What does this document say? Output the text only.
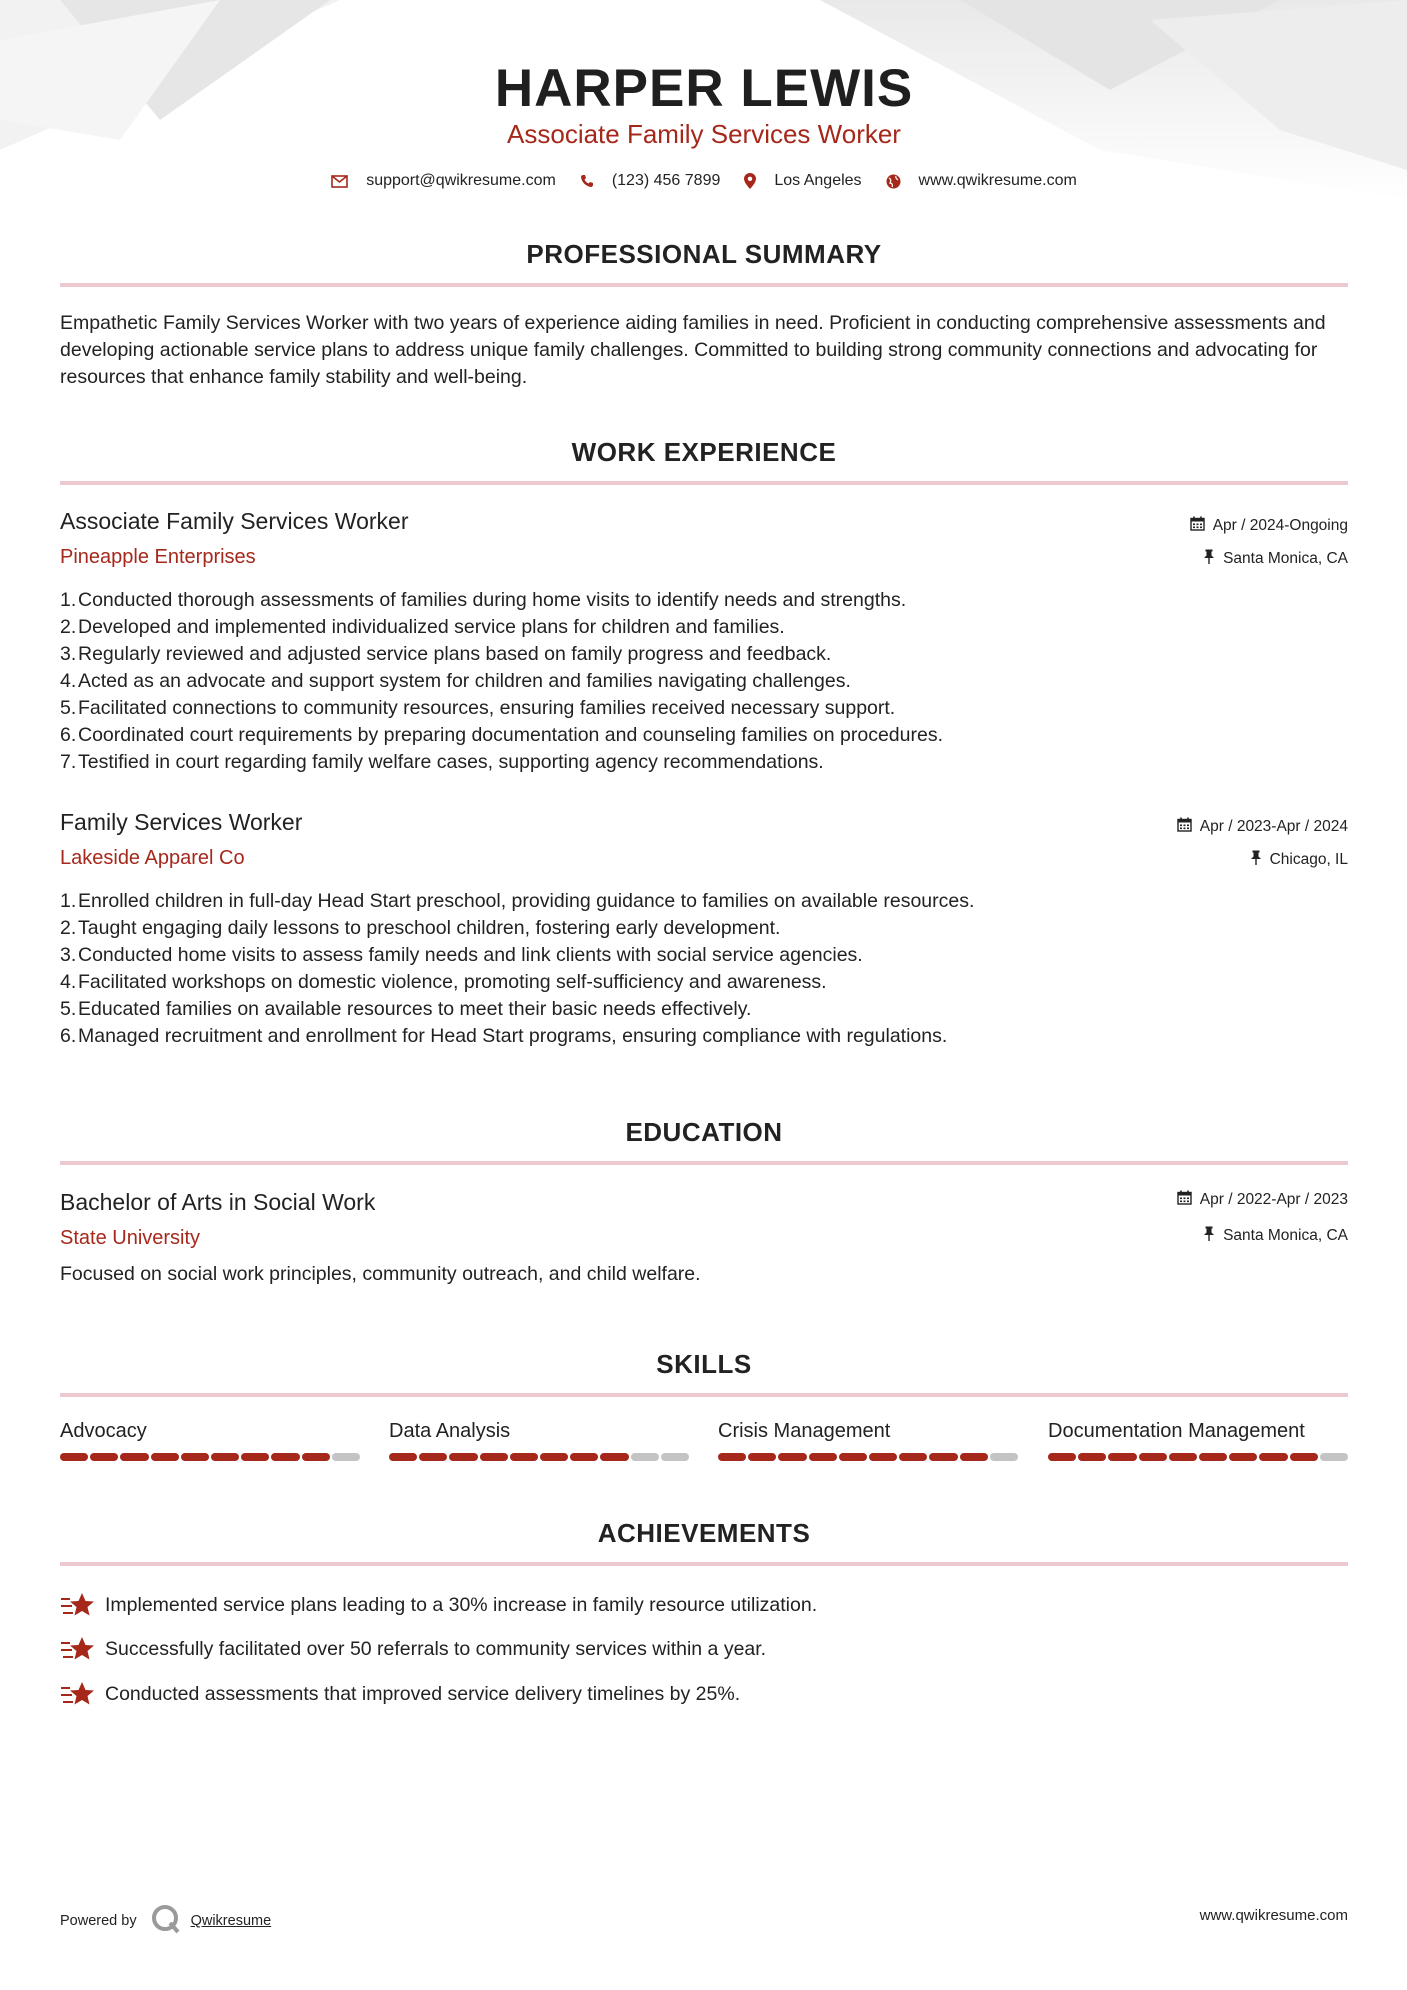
HARPER LEWIS
Associate Family Services Worker
support@qwikresume.com	(123) 456 7899	Los Angeles	www.qwikresume.com
PROFESSIONAL SUMMARY
Empathetic Family Services Worker with two years of experience aiding families in need. Proficient in conducting comprehensive assessments and developing actionable service plans to address unique family challenges. Committed to building strong community connections and advocating for resources that enhance family stability and well-being.
WORK EXPERIENCE
Associate Family Services Worker	Apr / 2024-Ongoing
Pineapple Enterprises	Santa Monica, CA
1. Conducted thorough assessments of families during home visits to identify needs and strengths.
2. Developed and implemented individualized service plans for children and families.
3. Regularly reviewed and adjusted service plans based on family progress and feedback.
4. Acted as an advocate and support system for children and families navigating challenges.
5. Facilitated connections to community resources, ensuring families received necessary support.
6. Coordinated court requirements by preparing documentation and counseling families on procedures.
7. Testified in court regarding family welfare cases, supporting agency recommendations.
Family Services Worker	Apr / 2023-Apr / 2024
Lakeside Apparel Co	Chicago, IL
1. Enrolled children in full-day Head Start preschool, providing guidance to families on available resources.
2. Taught engaging daily lessons to preschool children, fostering early development.
3. Conducted home visits to assess family needs and link clients with social service agencies.
4. Facilitated workshops on domestic violence, promoting self-sufficiency and awareness.
5. Educated families on available resources to meet their basic needs effectively.
6. Managed recruitment and enrollment for Head Start programs, ensuring compliance with regulations.
EDUCATION
Bachelor of Arts in Social Work	Apr / 2022-Apr / 2023
State University	Santa Monica, CA
Focused on social work principles, community outreach, and child welfare.
SKILLS
Advocacy	Data Analysis	Crisis Management	Documentation Management
ACHIEVEMENTS
Implemented service plans leading to a 30% increase in family resource utilization.
Successfully facilitated over 50 referrals to community services within a year.
Conducted assessments that improved service delivery timelines by 25%.
Powered by	Qwikresume	www.qwikresume.com
